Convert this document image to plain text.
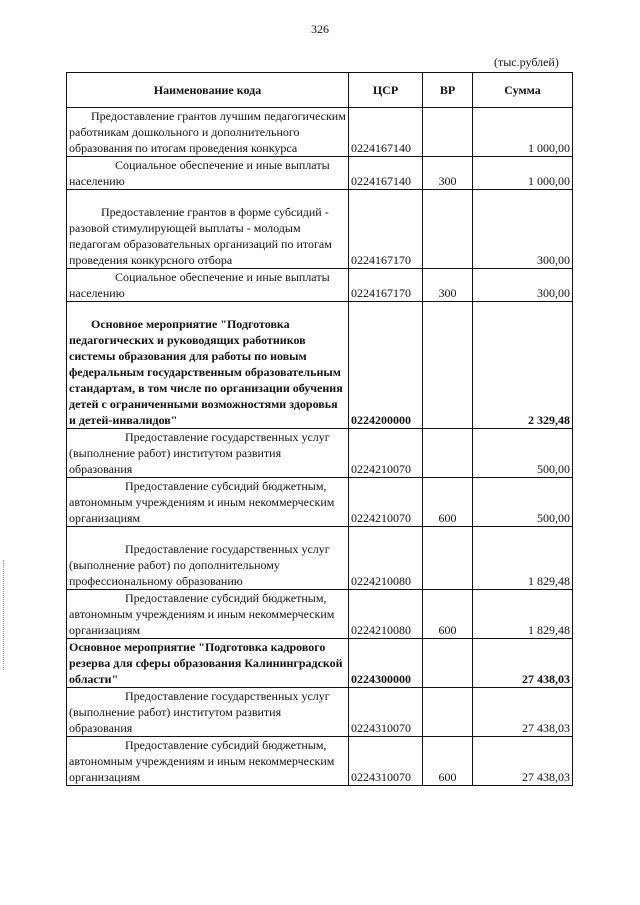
326
(тыс.рублей)
Наименование кода	ЦСР	ВР	Сумма
Предоставление грантов лучшим педагогическим работникам дошкольного и дополнительного образования по итогам проведения конкурса	0224167140		1 000,00
Социальное обеспечение и иные выплаты населению	0224167140	300	1 000,00
Предоставление грантов в форме субсидий - разовой стимулирующей выплаты - молодым педагогам образовательных организаций по итогам проведения конкурсного отбора	0224167170		300,00
Социальное обеспечение и иные выплаты населению	0224167170	300	300,00
Основное мероприятие "Подготовка педагогических и руководящих работников системы образования для работы по новым федеральным государственным образовательным стандартам, в том числе по организации обучения детей с ограниченными возможностями здоровья и детей-инвалидов"	0224200000		2 329,48
Предоставление государственных услуг (выполнение работ) институтом развития образования	0224210070		500,00
Предоставление субсидий бюджетным, автономным учреждениям и иным некоммерческим организациям	0224210070	600	500,00
Предоставление государственных услуг (выполнение работ) по дополнительному профессиональному образованию	0224210080		1 829,48
Предоставление субсидий бюджетным, автономным учреждениям и иным некоммерческим организациям	0224210080	600	1 829,48
Основное мероприятие "Подготовка кадрового резерва для сферы образования Калининградской области"	0224300000		27 438,03
Предоставление государственных услуг (выполнение работ) институтом развития образования	0224310070		27 438,03
Предоставление субсидий бюджетным, автономным учреждениям и иным некоммерческим организациям	0224310070	600	27 438,03
